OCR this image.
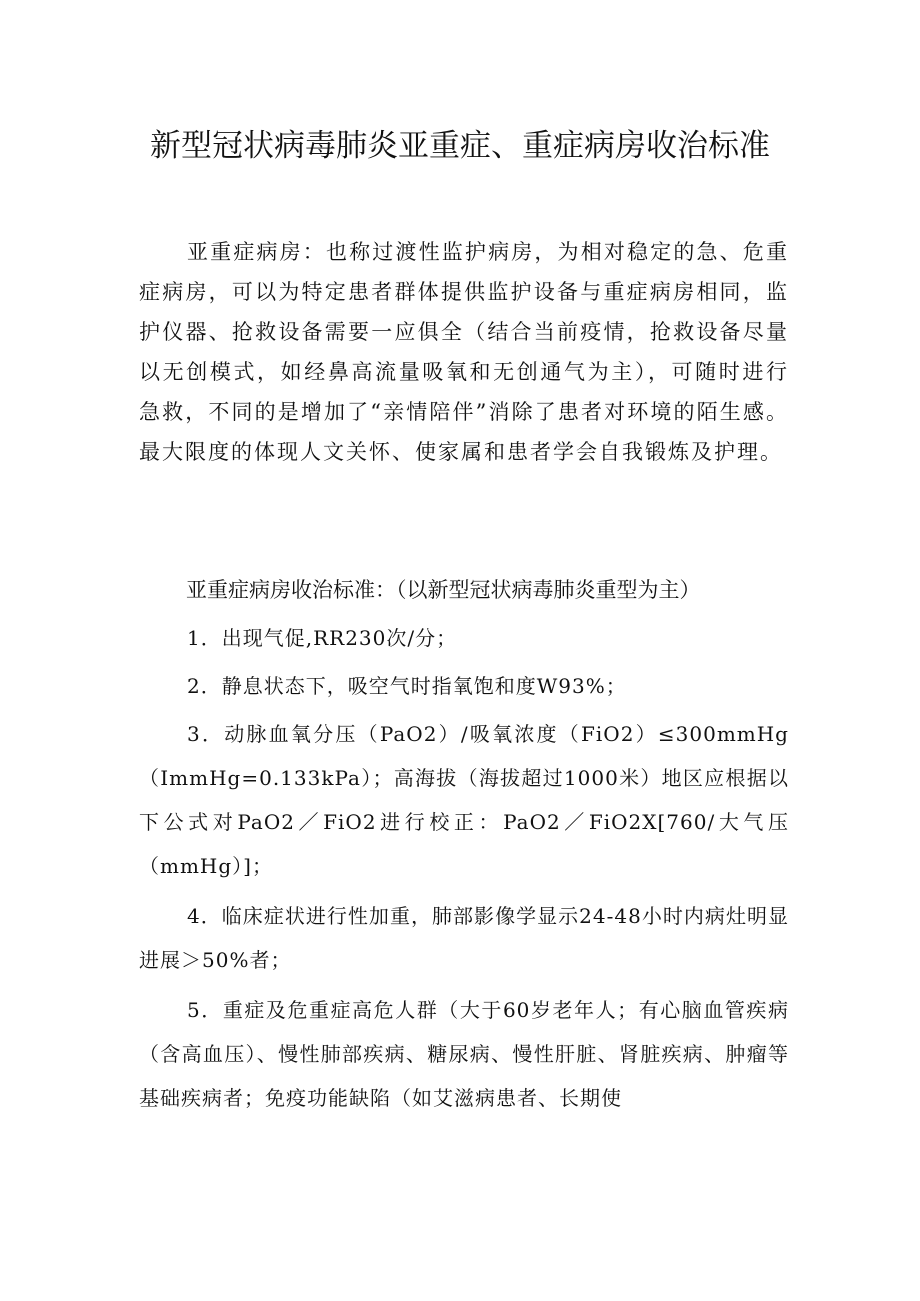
新型冠状病毒肺炎亚重症、重症病房收治标准

亚重症病房：也称过渡性监护病房，为相对稳定的急、危重症病房，可以为特定患者群体提供监护设备与重症病房相同，监护仪器、抢救设备需要一应俱全（结合当前疫情，抢救设备尽量以无创模式，如经鼻高流量吸氧和无创通气为主），可随时进行急救，不同的是增加了“亲情陪伴”消除了患者对环境的陌生感。最大限度的体现人文关怀、使家属和患者学会自我锻炼及护理。

亚重症病房收治标准：（以新型冠状病毒肺炎重型为主）
1．出现气促,RR230次/分；
2．静息状态下，吸空气时指氧饱和度W93%；
3．动脉血氧分压（PaO2）/吸氧浓度（FiO2）≤300mmHg（ImmHg=0.133kPa）；高海拔（海拔超过1000米）地区应根据以下公式对PaO2／FiO2进行校正：PaO2／FiO2X[760/大气压（mmHg）]；
4．临床症状进行性加重，肺部影像学显示24-48小时内病灶明显进展＞50%者；
5．重症及危重症高危人群（大于60岁老年人；有心脑血管疾病（含高血压）、慢性肺部疾病、糖尿病、慢性肝脏、肾脏疾病、肿瘤等基础疾病者；免疫功能缺陷（如艾滋病患者、长期使
